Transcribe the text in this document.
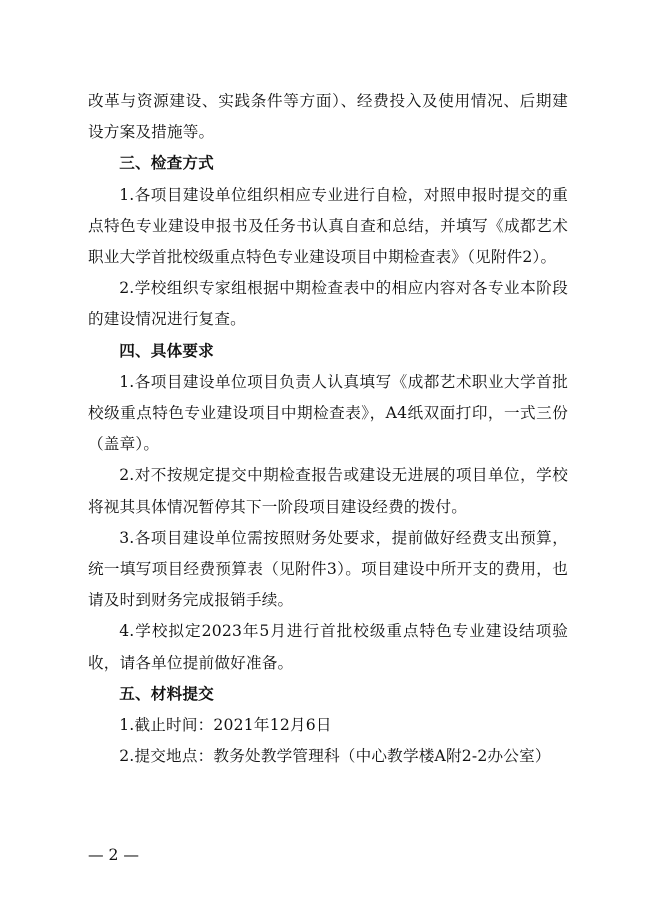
改革与资源建设、实践条件等方面）、经费投入及使用情况、后期建设方案及措施等。

三、检查方式

1.各项目建设单位组织相应专业进行自检，对照申报时提交的重点特色专业建设申报书及任务书认真自查和总结，并填写《成都艺术职业大学首批校级重点特色专业建设项目中期检查表》（见附件2）。

2.学校组织专家组根据中期检查表中的相应内容对各专业本阶段的建设情况进行复查。

四、具体要求

1.各项目建设单位项目负责人认真填写《成都艺术职业大学首批校级重点特色专业建设项目中期检查表》，A4纸双面打印，一式三份（盖章）。

2.对不按规定提交中期检查报告或建设无进展的项目单位，学校将视其具体情况暂停其下一阶段项目建设经费的拨付。

3.各项目建设单位需按照财务处要求，提前做好经费支出预算，统一填写项目经费预算表（见附件3）。项目建设中所开支的费用，也请及时到财务完成报销手续。

4.学校拟定2023年5月进行首批校级重点特色专业建设结项验收，请各单位提前做好准备。

五、材料提交

1.截止时间：2021年12月6日

2.提交地点：教务处教学管理科（中心教学楼A附2-2办公室）

— 2 —
